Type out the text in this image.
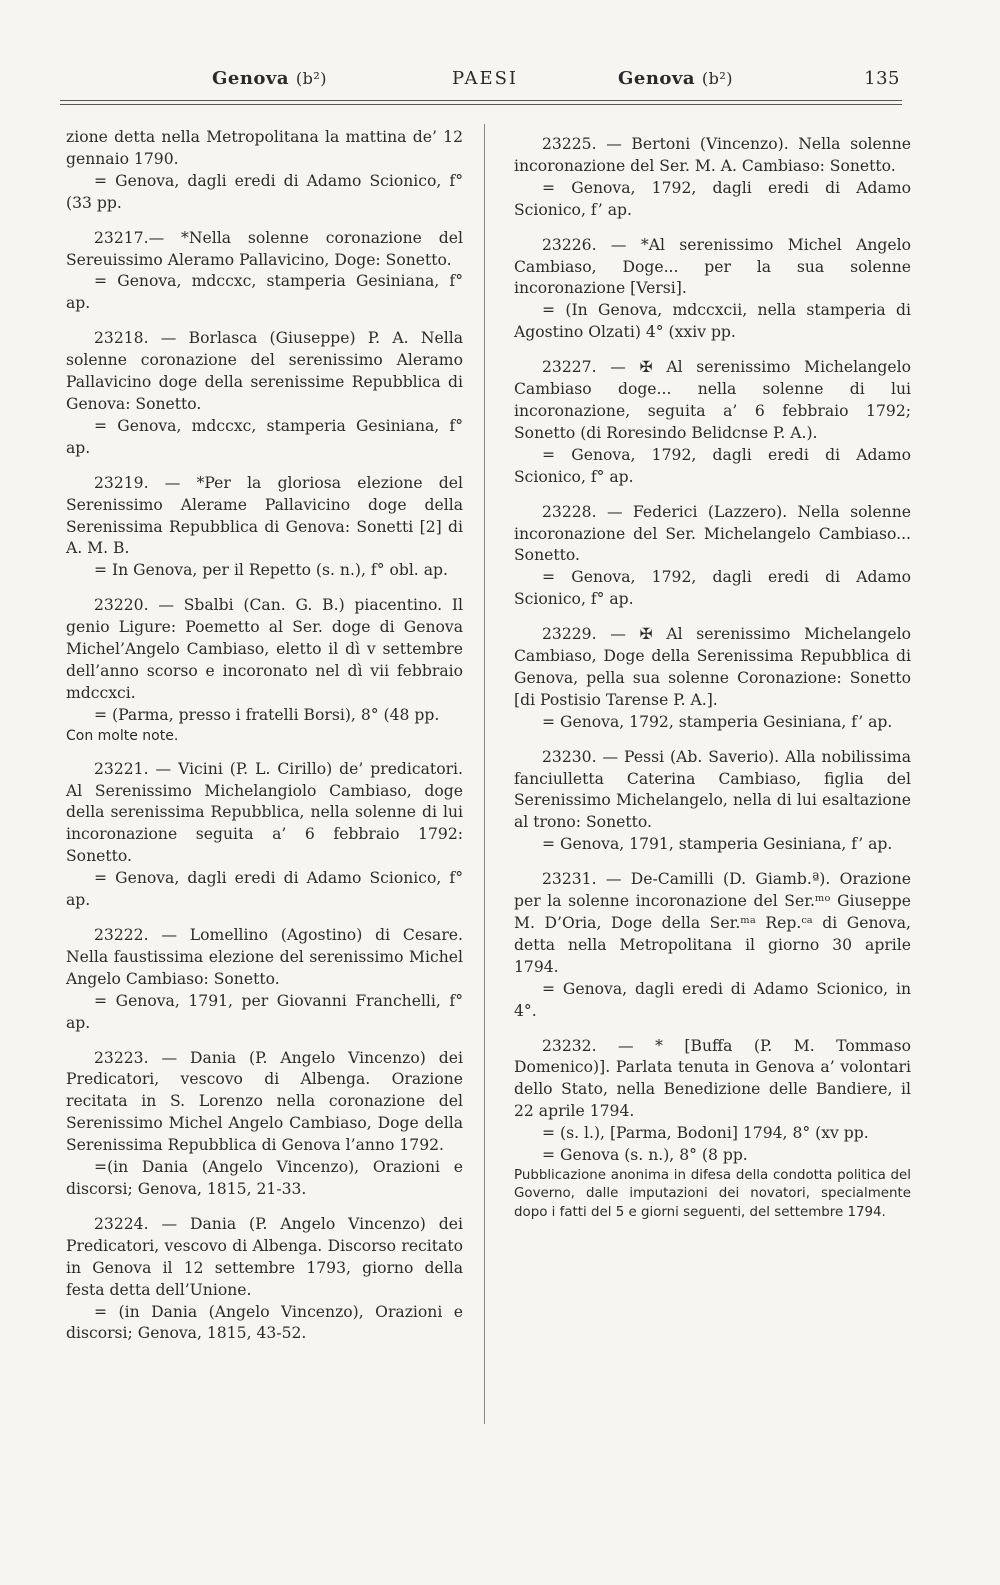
Genova (b²)	PAESI	Genova (b²)	135

zione detta nella Metropolitana la mattina de’ 12 gennaio 1790.

= Genova, dagli eredi di Adamo Scionico, f° (33 pp.

23217.— *Nella solenne coronazione del Sereuissimo Aleramo Pallavicino, Doge: Sonetto.

= Genova, mdccxc, stamperia Gesiniana, f° ap.

23218. — Borlasca (Giuseppe) P. A. Nella solenne coronazione del serenissimo Aleramo Pallavicino doge della serenissime Repubblica di Genova: Sonetto.

= Genova, mdccxc, stamperia Gesiniana, f° ap.

23219. — *Per la gloriosa elezione del Serenissimo Alerame Pallavicino doge della Serenissima Repubblica di Genova: Sonetti [2] di A. M. B.

= In Genova, per il Repetto (s. n.), f° obl. ap.

23220. — Sbalbi (Can. G. B.) piacentino. Il genio Ligure: Poemetto al Ser. doge di Genova Michel’Angelo Cambiaso, eletto il dì v settembre dell’anno scorso e incoronato nel dì vii febbraio mdccxci.

= (Parma, presso i fratelli Borsi), 8° (48 pp.

Con molte note.

23221. — Vicini (P. L. Cirillo) de’ predicatori. Al Serenissimo Michelangiolo Cambiaso, doge della serenissima Repubblica, nella solenne di lui incoronazione seguita a’ 6 febbraio 1792: Sonetto.

= Genova, dagli eredi di Adamo Scionico, f° ap.

23222. — Lomellino (Agostino) di Cesare. Nella faustissima elezione del serenissimo Michel Angelo Cambiaso: Sonetto.

= Genova, 1791, per Giovanni Franchelli, f° ap.

23223. — Dania (P. Angelo Vincenzo) dei Predicatori, vescovo di Albenga. Orazione recitata in S. Lorenzo nella coronazione del Serenissimo Michel Angelo Cambiaso, Doge della Serenissima Repubblica di Genova l’anno 1792.

=(in Dania (Angelo Vincenzo), Orazioni e discorsi; Genova, 1815, 21-33.

23224. — Dania (P. Angelo Vincenzo) dei Predicatori, vescovo di Albenga. Discorso recitato in Genova il 12 settembre 1793, giorno della festa detta dell’Unione.

= (in Dania (Angelo Vincenzo), Orazioni e discorsi; Genova, 1815, 43-52.

23225. — Bertoni (Vincenzo). Nella solenne incoronazione del Ser. M. A. Cambiaso: Sonetto.

= Genova, 1792, dagli eredi di Adamo Scionico, f’ ap.

23226. — *Al serenissimo Michel Angelo Cambiaso, Doge... per la sua solenne incoronazione [Versi].

= (In Genova, mdccxcii, nella stamperia di Agostino Olzati) 4° (xxiv pp.

23227. — ✠ Al serenissimo Michelangelo Cambiaso doge... nella solenne di lui incoronazione, seguita a’ 6 febbraio 1792; Sonetto (di Roresindo Belidcnse P. A.).

= Genova, 1792, dagli eredi di Adamo Scionico, f° ap.

23228. — Federici (Lazzero). Nella solenne incoronazione del Ser. Michelangelo Cambiaso... Sonetto.

= Genova, 1792, dagli eredi di Adamo Scionico, f° ap.

23229. — ✠ Al serenissimo Michelangelo Cambiaso, Doge della Serenissima Repubblica di Genova, pella sua solenne Coronazione: Sonetto [di Postisio Tarense P. A.].

= Genova, 1792, stamperia Gesiniana, f’ ap.

23230. — Pessi (Ab. Saverio). Alla nobilissima fanciulletta Caterina Cambiaso, figlia del Serenissimo Michelangelo, nella di lui esaltazione al trono: Sonetto.

= Genova, 1791, stamperia Gesiniana, f’ ap.

23231. — De-Camilli (D. Giamb.ª). Orazione per la solenne incoronazione del Ser.ᵐᵒ Giuseppe M. D’Oria, Doge della Ser.ᵐᵃ Rep.ᶜᵃ di Genova, detta nella Metropolitana il giorno 30 aprile 1794.

= Genova, dagli eredi di Adamo Scionico, in 4°.

23232. — * [Buffa (P. M. Tommaso Domenico)]. Parlata tenuta in Genova a’ volontari dello Stato, nella Benedizione delle Bandiere, il 22 aprile 1794.

= (s. l.), [Parma, Bodoni] 1794, 8° (xv pp.

= Genova (s. n.), 8° (8 pp.

Pubblicazione anonima in difesa della condotta politica del Governo, dalle imputazioni dei novatori, specialmente dopo i fatti del 5 e giorni seguenti, del settembre 1794.
